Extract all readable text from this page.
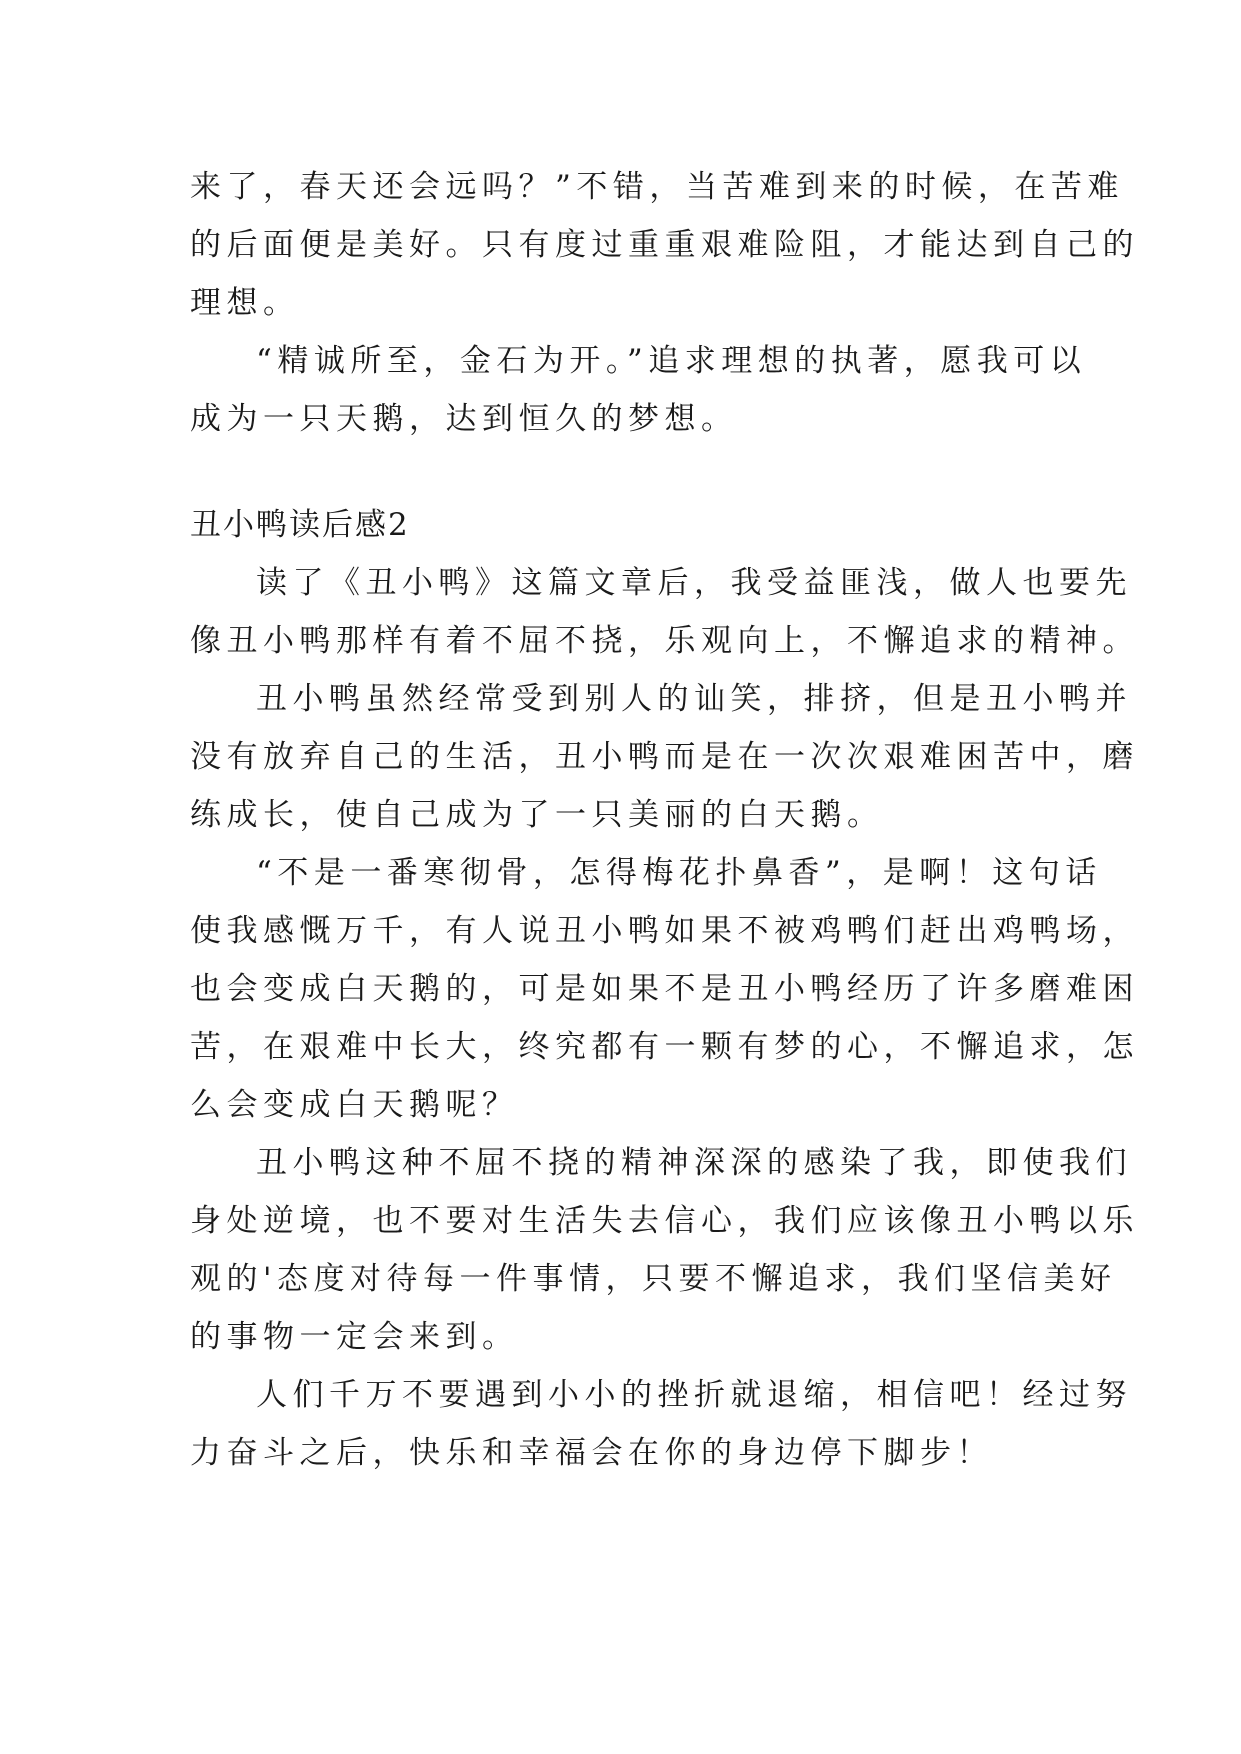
来了，春天还会远吗？”不错，当苦难到来的时候，在苦难
的后面便是美好。只有度过重重艰难险阻，才能达到自己的
理想。
“精诚所至，金石为开。”追求理想的执著，愿我可以
成为一只天鹅，达到恒久的梦想。
丑小鸭读后感2
读了《丑小鸭》这篇文章后，我受益匪浅，做人也要先
像丑小鸭那样有着不屈不挠，乐观向上，不懈追求的精神。
丑小鸭虽然经常受到别人的讪笑，排挤，但是丑小鸭并
没有放弃自己的生活，丑小鸭而是在一次次艰难困苦中，磨
练成长，使自己成为了一只美丽的白天鹅。
“不是一番寒彻骨，怎得梅花扑鼻香”，是啊！这句话
使我感慨万千，有人说丑小鸭如果不被鸡鸭们赶出鸡鸭场，
也会变成白天鹅的，可是如果不是丑小鸭经历了许多磨难困
苦，在艰难中长大，终究都有一颗有梦的心，不懈追求，怎
么会变成白天鹅呢？
丑小鸭这种不屈不挠的精神深深的感染了我，即使我们
身处逆境，也不要对生活失去信心，我们应该像丑小鸭以乐
观的'态度对待每一件事情，只要不懈追求，我们坚信美好
的事物一定会来到。
人们千万不要遇到小小的挫折就退缩，相信吧！经过努
力奋斗之后，快乐和幸福会在你的身边停下脚步！
